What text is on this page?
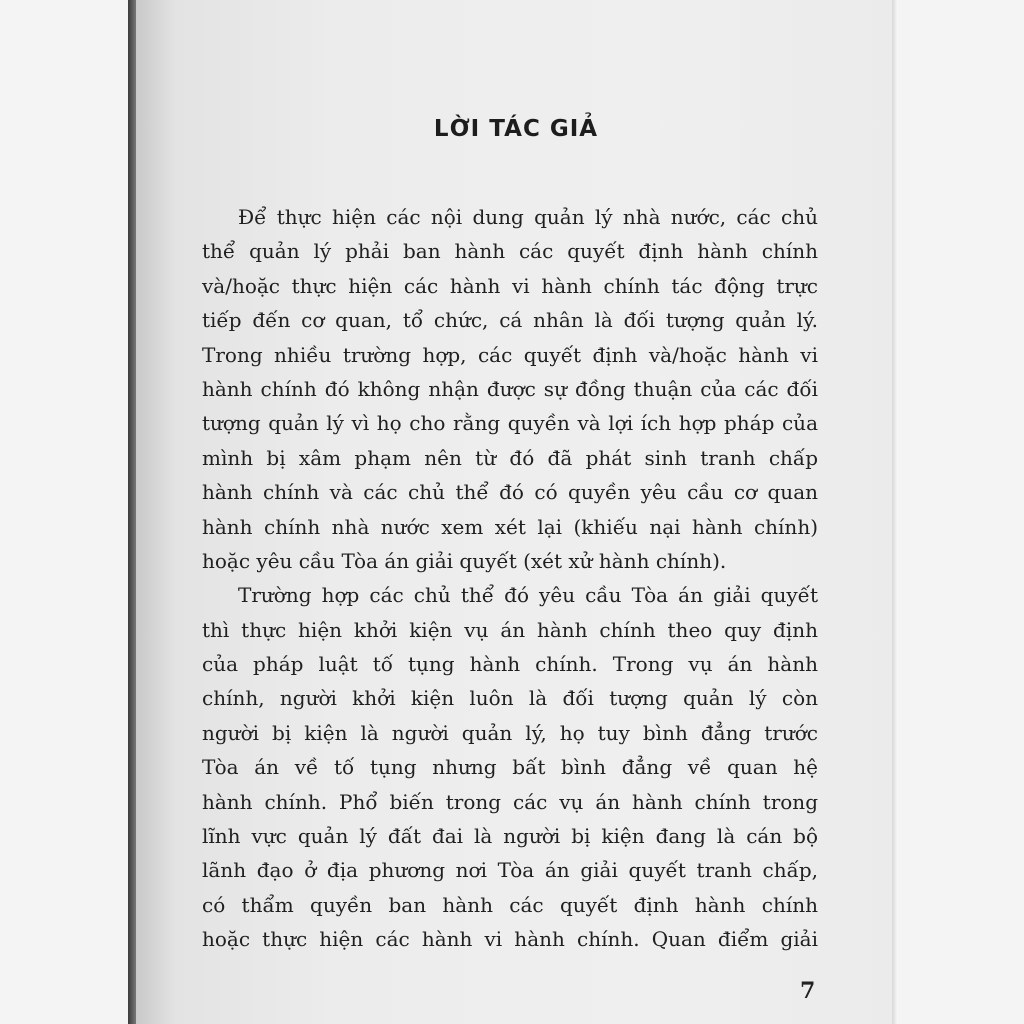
LỜI TÁC GIẢ
Để thực hiện các nội dung quản lý nhà nước, các chủ
thể quản lý phải ban hành các quyết định hành chính
và/hoặc thực hiện các hành vi hành chính tác động trực
tiếp đến cơ quan, tổ chức, cá nhân là đối tượng quản lý.
Trong nhiều trường hợp, các quyết định và/hoặc hành vi
hành chính đó không nhận được sự đồng thuận của các đối
tượng quản lý vì họ cho rằng quyền và lợi ích hợp pháp của
mình bị xâm phạm nên từ đó đã phát sinh tranh chấp
hành chính và các chủ thể đó có quyền yêu cầu cơ quan
hành chính nhà nước xem xét lại (khiếu nại hành chính)
hoặc yêu cầu Tòa án giải quyết (xét xử hành chính).
Trường hợp các chủ thể đó yêu cầu Tòa án giải quyết
thì thực hiện khởi kiện vụ án hành chính theo quy định
của pháp luật tố tụng hành chính. Trong vụ án hành
chính, người khởi kiện luôn là đối tượng quản lý còn
người bị kiện là người quản lý, họ tuy bình đẳng trước
Tòa án về tố tụng nhưng bất bình đẳng về quan hệ
hành chính. Phổ biến trong các vụ án hành chính trong
lĩnh vực quản lý đất đai là người bị kiện đang là cán bộ
lãnh đạo ở địa phương nơi Tòa án giải quyết tranh chấp,
có thẩm quyền ban hành các quyết định hành chính
hoặc thực hiện các hành vi hành chính. Quan điểm giải
7
